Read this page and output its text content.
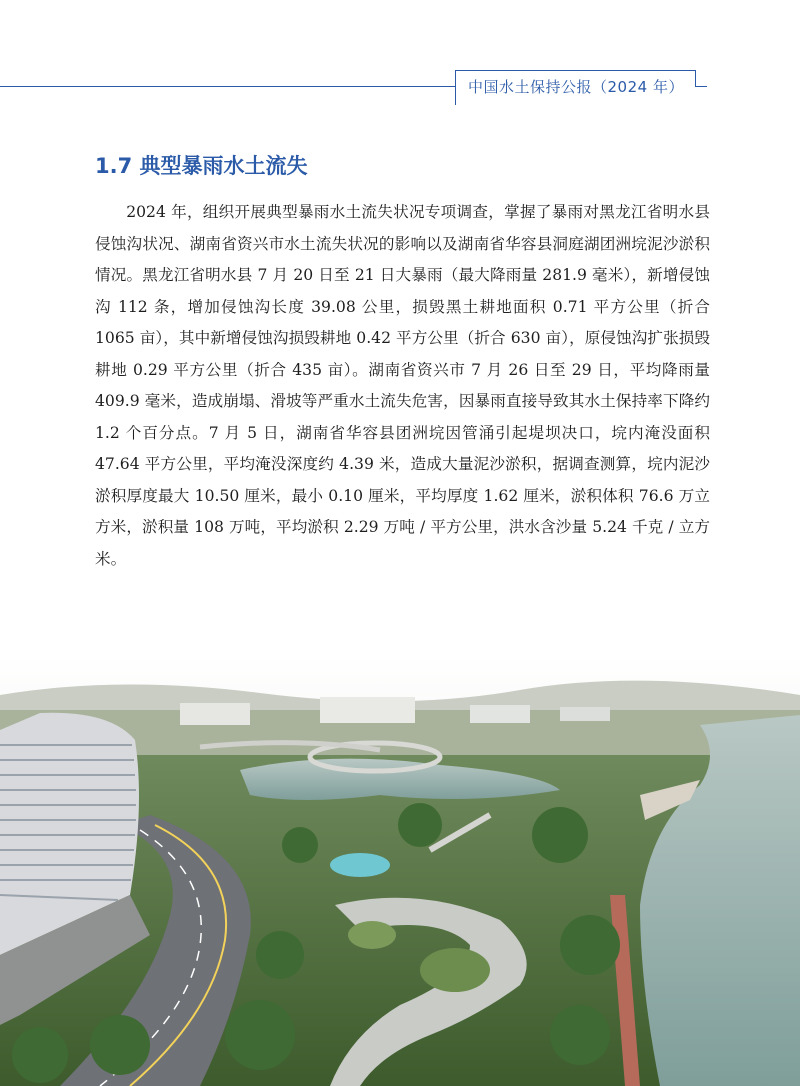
中国水土保持公报（2024 年）
1.7 典型暴雨水土流失
2024 年，组织开展典型暴雨水土流失状况专项调查，掌握了暴雨对黑龙江省明水县侵蚀沟状况、湖南省资兴市水土流失状况的影响以及湖南省华容县洞庭湖团洲垸泥沙淤积情况。黑龙江省明水县 7 月 20 日至 21 日大暴雨（最大降雨量 281.9 毫米），新增侵蚀沟 112 条，增加侵蚀沟长度 39.08 公里，损毁黑土耕地面积 0.71 平方公里（折合 1065 亩），其中新增侵蚀沟损毁耕地 0.42 平方公里（折合 630 亩），原侵蚀沟扩张损毁耕地 0.29 平方公里（折合 435 亩）。湖南省资兴市 7 月 26 日至 29 日，平均降雨量 409.9 毫米，造成崩塌、滑坡等严重水土流失危害，因暴雨直接导致其水土保持率下降约 1.2 个百分点。7 月 5 日，湖南省华容县团洲垸因管涌引起堤坝决口，垸内淹没面积 47.64 平方公里，平均淹没深度约 4.39 米，造成大量泥沙淤积，据调查测算，垸内泥沙淤积厚度最大 10.50 厘米，最小 0.10 厘米，平均厚度 1.62 厘米，淤积体积 76.6 万立方米，淤积量 108 万吨，平均淤积 2.29 万吨 / 平方公里，洪水含沙量 5.24 千克 / 立方米。
